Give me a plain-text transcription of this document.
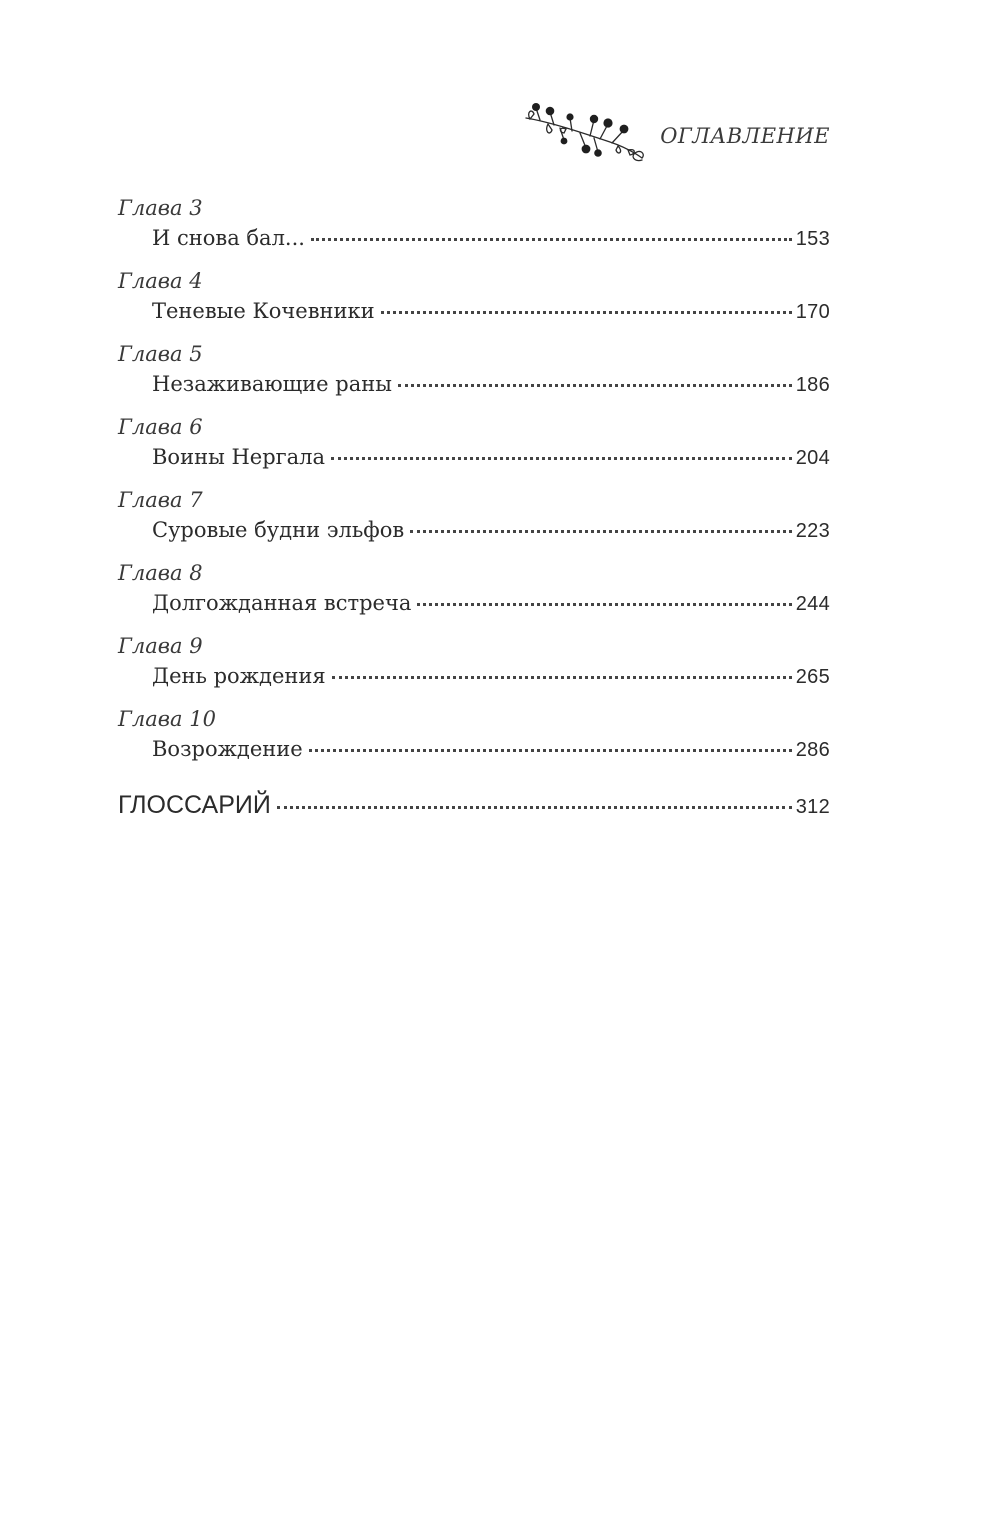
ОГЛАВЛЕНИЕ
Глава 3
И снова бал...	153
Глава 4
Теневые Кочевники	170
Глава 5
Незаживающие раны	186
Глава 6
Воины Нергала	204
Глава 7
Суровые будни эльфов	223
Глава 8
Долгожданная встреча	244
Глава 9
День рождения	265
Глава 10
Возрождение	286
ГЛОССАРИЙ	312
